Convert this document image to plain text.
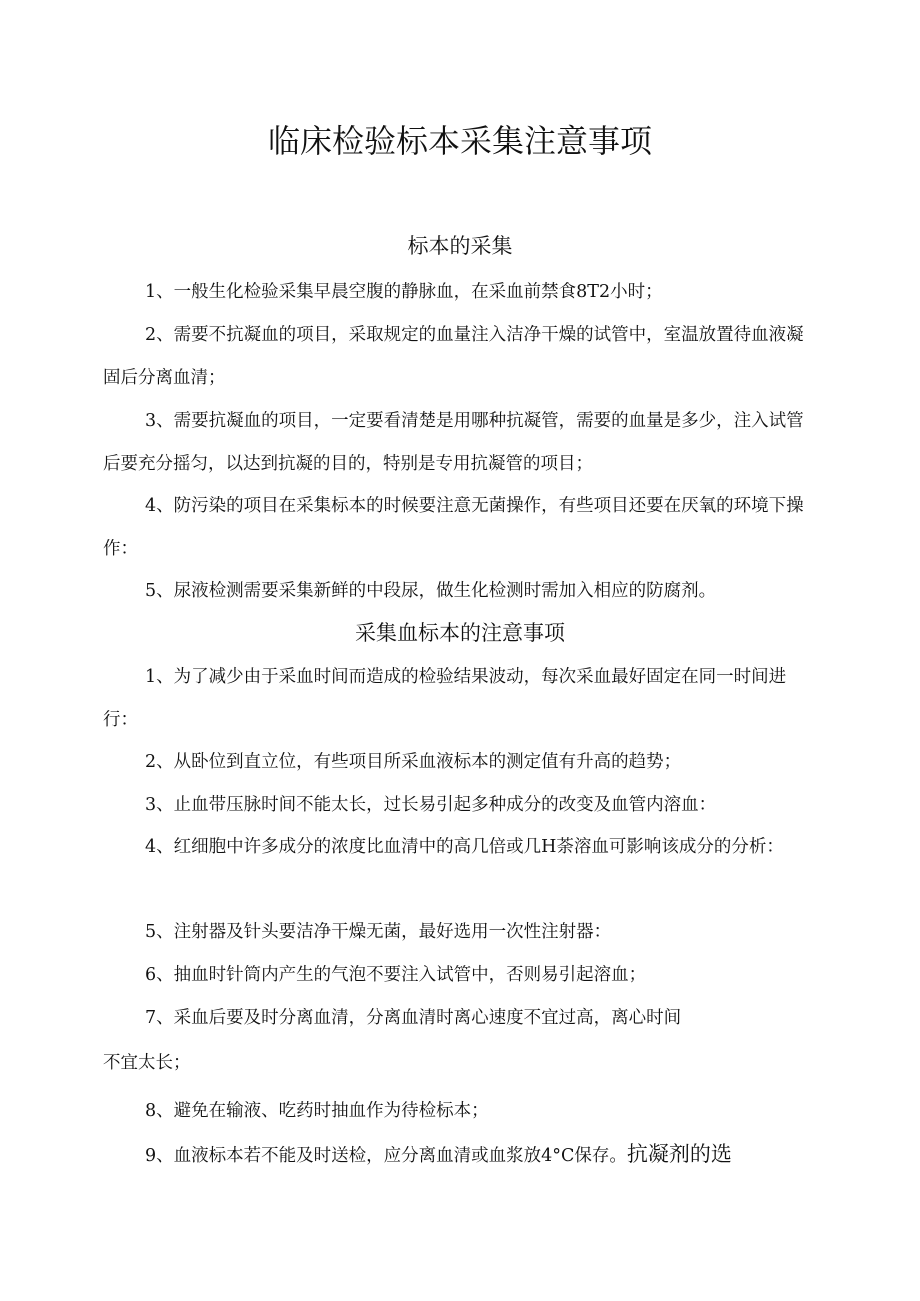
临床检验标本采集注意事项
标本的采集
1、一般生化检验采集早晨空腹的静脉血，在采血前禁食8T2小时；
2、需要不抗凝血的项目，采取规定的血量注入洁净干燥的试管中，室温放置待血液凝固后分离血清；
3、需要抗凝血的项目，一定要看清楚是用哪种抗凝管，需要的血量是多少，注入试管后要充分摇匀，以达到抗凝的目的，特别是专用抗凝管的项目；
4、防污染的项目在采集标本的时候要注意无菌操作，有些项目还要在厌氧的环境下操作：
5、尿液检测需要采集新鲜的中段尿，做生化检测时需加入相应的防腐剂。
采集血标本的注意事项
1、为了减少由于采血时间而造成的检验结果波动，每次采血最好固定在同一时间进行：
2、从卧位到直立位，有些项目所采血液标本的测定值有升高的趋势；
3、止血带压脉时间不能太长，过长易引起多种成分的改变及血管内溶血：
4、红细胞中许多成分的浓度比血清中的高几倍或几H荼溶血可影响该成分的分析：
5、注射器及针头要洁净干燥无菌，最好选用一次性注射器：
6、抽血时针筒内产生的气泡不要注入试管中，否则易引起溶血；
7、采血后要及时分离血清，分离血清时离心速度不宜过高，离心时间
不宜太长；
8、避免在输液、吃药时抽血作为待检标本；
9、血液标本若不能及时送检，应分离血清或血浆放4°C保存。抗凝剂的选
